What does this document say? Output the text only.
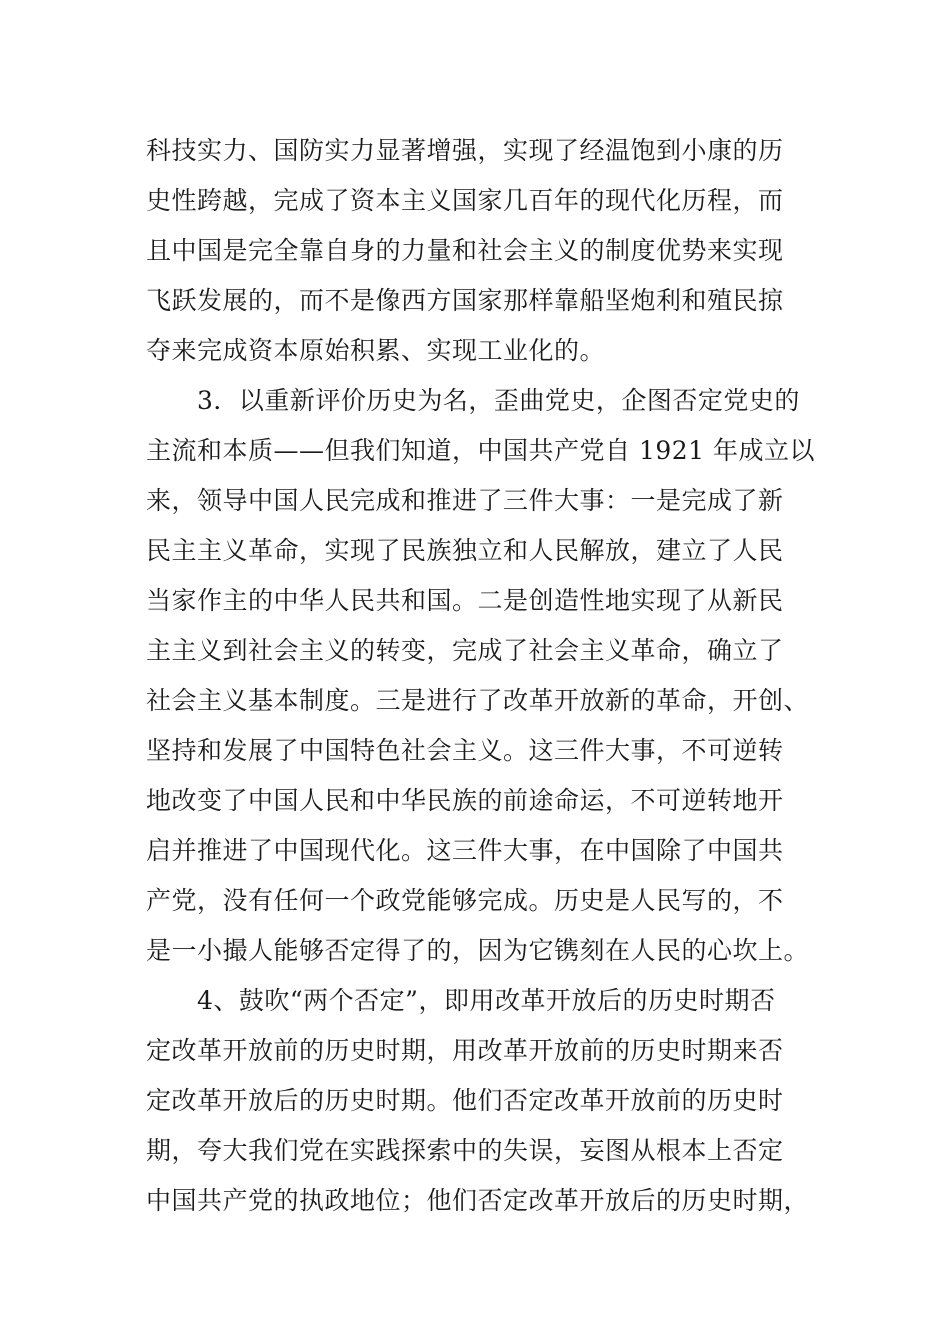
科技实力、国防实力显著增强，实现了经温饱到小康的历
史性跨越，完成了资本主义国家几百年的现代化历程，而
且中国是完全靠自身的力量和社会主义的制度优势来实现
飞跃发展的，而不是像西方国家那样靠船坚炮利和殖民掠
夺来完成资本原始积累、实现工业化的。
　　3．以重新评价历史为名，歪曲党史，企图否定党史的
主流和本质——但我们知道，中国共产党自 1921 年成立以
来，领导中国人民完成和推进了三件大事：一是完成了新
民主主义革命，实现了民族独立和人民解放，建立了人民
当家作主的中华人民共和国。二是创造性地实现了从新民
主主义到社会主义的转变，完成了社会主义革命，确立了
社会主义基本制度。三是进行了改革开放新的革命，开创、
坚持和发展了中国特色社会主义。这三件大事，不可逆转
地改变了中国人民和中华民族的前途命运，不可逆转地开
启并推进了中国现代化。这三件大事，在中国除了中国共
产党，没有任何一个政党能够完成。历史是人民写的，不
是一小撮人能够否定得了的，因为它镌刻在人民的心坎上。
　　4、鼓吹“两个否定”，即用改革开放后的历史时期否
定改革开放前的历史时期，用改革开放前的历史时期来否
定改革开放后的历史时期。他们否定改革开放前的历史时
期，夸大我们党在实践探索中的失误，妄图从根本上否定
中国共产党的执政地位；他们否定改革开放后的历史时期，
